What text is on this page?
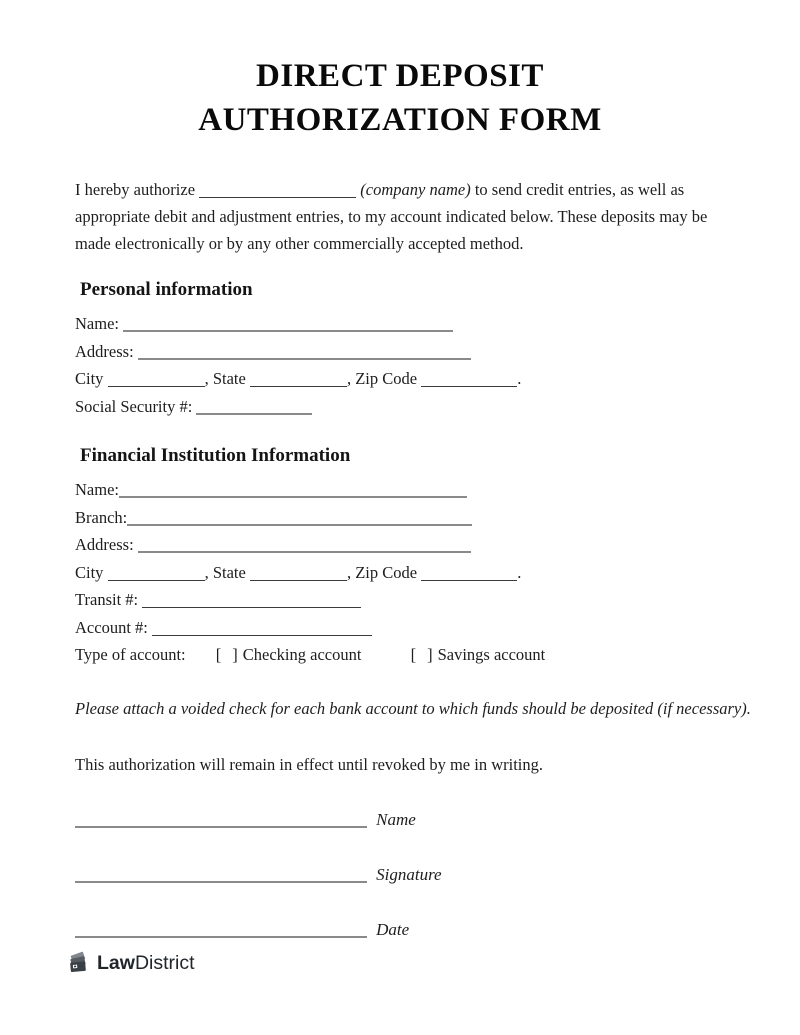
DIRECT DEPOSIT
AUTHORIZATION FORM

I hereby authorize	(company name) to send credit entries, as well as appropriate debit and adjustment entries, to my account indicated below. These deposits may be made electronically or by any other commercially accepted method.

Personal information
Name:
Address:
City	, State	, Zip Code	.
Social Security #:
Financial Institution Information
Name:
Branch:
Address:
City	, State	, Zip Code	.
Transit #:
Account #:
Type of account: [ ] Checking account	[ ] Savings account

Please attach a voided check for each bank account to which funds should be deposited (if necessary).

This authorization will remain in effect until revoked by me in writing.

Name
Signature
Date
Law District
